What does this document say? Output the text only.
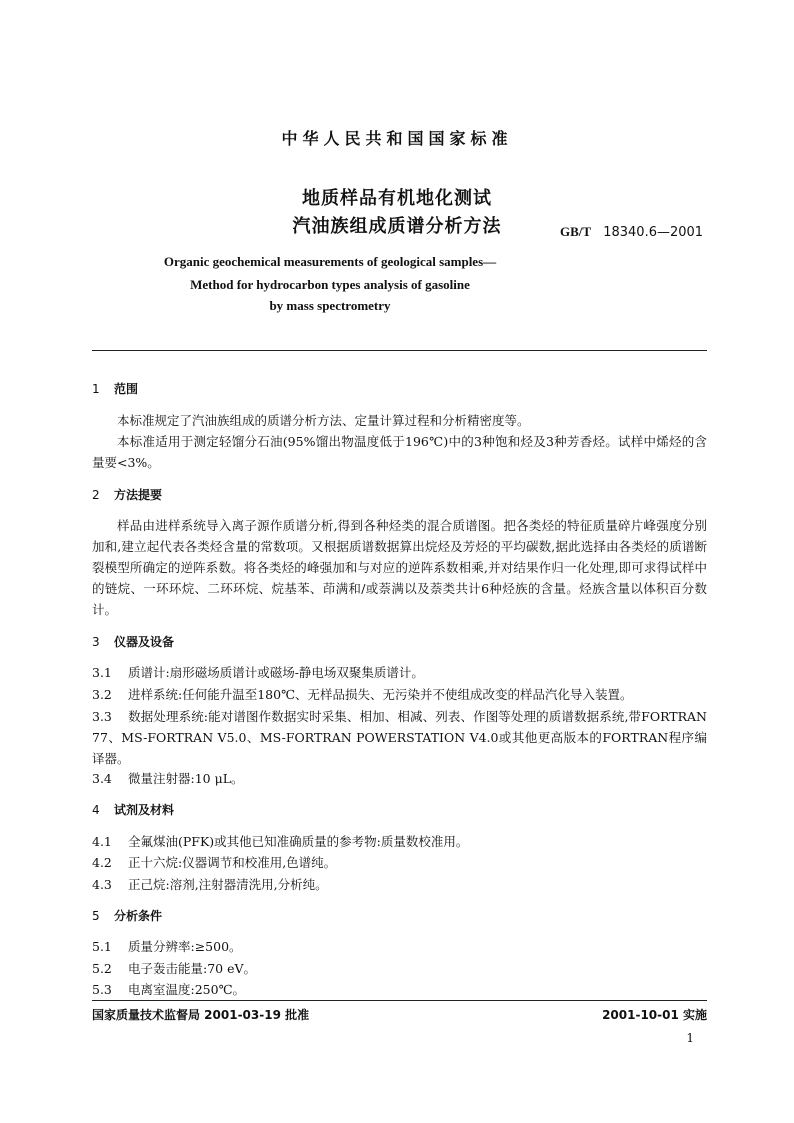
中华人民共和国国家标准
地质样品有机地化测试
汽油族组成质谱分析方法	GB/T 18340.6—2001
Organic geochemical measurements of geological samples—
Method for hydrocarbon types analysis of gasoline
by mass spectrometry
1 范围
本标准规定了汽油族组成的质谱分析方法、定量计算过程和分析精密度等。
本标准适用于测定轻馏分石油(95%馏出物温度低于196℃)中的3种饱和烃及3种芳香烃。试样中烯烃的含量要<3%。
2 方法提要
样品由进样系统导入离子源作质谱分析,得到各种烃类的混合质谱图。把各类烃的特征质量碎片峰强度分别加和,建立起代表各类烃含量的常数项。又根据质谱数据算出烷烃及芳烃的平均碳数,据此选择由各类烃的质谱断裂模型所确定的逆阵系数。将各类烃的峰强加和与对应的逆阵系数相乘,并对结果作归一化处理,即可求得试样中的链烷、一环环烷、二环环烷、烷基苯、茚满和/或萘满以及萘类共计6种烃族的含量。烃族含量以体积百分数计。
3 仪器及设备
3.1 质谱计:扇形磁场质谱计或磁场-静电场双聚集质谱计。
3.2 进样系统:任何能升温至180℃、无样品损失、无污染并不使组成改变的样品汽化导入装置。
3.3 数据处理系统:能对谱图作数据实时采集、相加、相减、列表、作图等处理的质谱数据系统,带FORTRAN 77、MS-FORTRAN V5.0、MS-FORTRAN POWERSTATION V4.0或其他更高版本的FORTRAN程序编译器。
3.4 微量注射器:10 μL。
4 试剂及材料
4.1 全氟煤油(PFK)或其他已知准确质量的参考物:质量数校准用。
4.2 正十六烷:仪器调节和校准用,色谱纯。
4.3 正己烷:溶剂,注射器清洗用,分析纯。
5 分析条件
5.1 质量分辨率:≥500。
5.2 电子轰击能量:70 eV。
5.3 电离室温度:250℃。
国家质量技术监督局 2001-03-19 批准	2001-10-01 实施
1
